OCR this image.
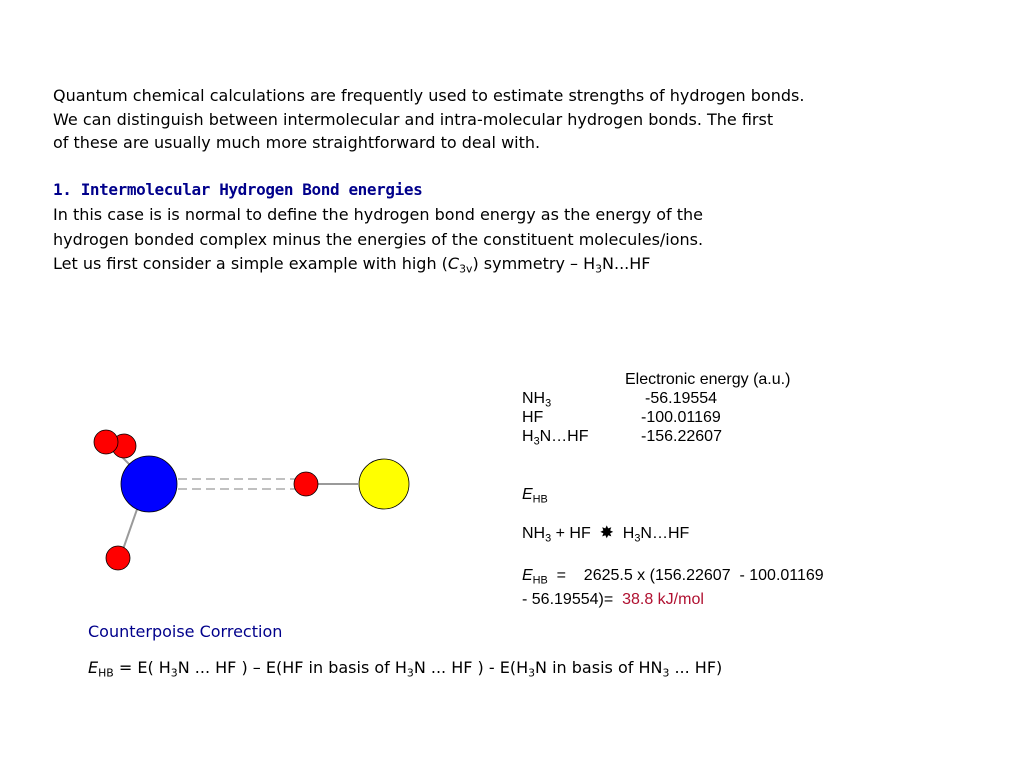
Quantum chemical calculations are frequently used to estimate strengths of hydrogen bonds.
We can distinguish between intermolecular and intra-molecular hydrogen bonds. The first
of these are usually much more straightforward to deal with.
1. Intermolecular Hydrogen Bond energies
In this case is is normal to define the hydrogen bond energy as the energy of the
hydrogen bonded complex minus the energies of the constituent molecules/ions.
Let us first consider a simple example with high $(C_{3v})$ symmetry – $H_3N...HF$
Electronic energy (a.u.)
$NH_3$	-56.19554
HF	-100.01169
$H_3N\dots HF$	-156.22607
$E_{HB}$
$NH_3$ + HF ✸ $H_3N\dots HF$
$E_{HB}$  =    2625.5 x (156.22607  - 100.01169
- 56.19554)=  38.8 kJ/mol
Counterpoise Correction
$E_{HB} = E$( $H_3N$ ... HF ) – E(HF in basis of $H_3N$ ... HF ) - $E(H_3N$ in basis of $HN_3$ ... HF)
